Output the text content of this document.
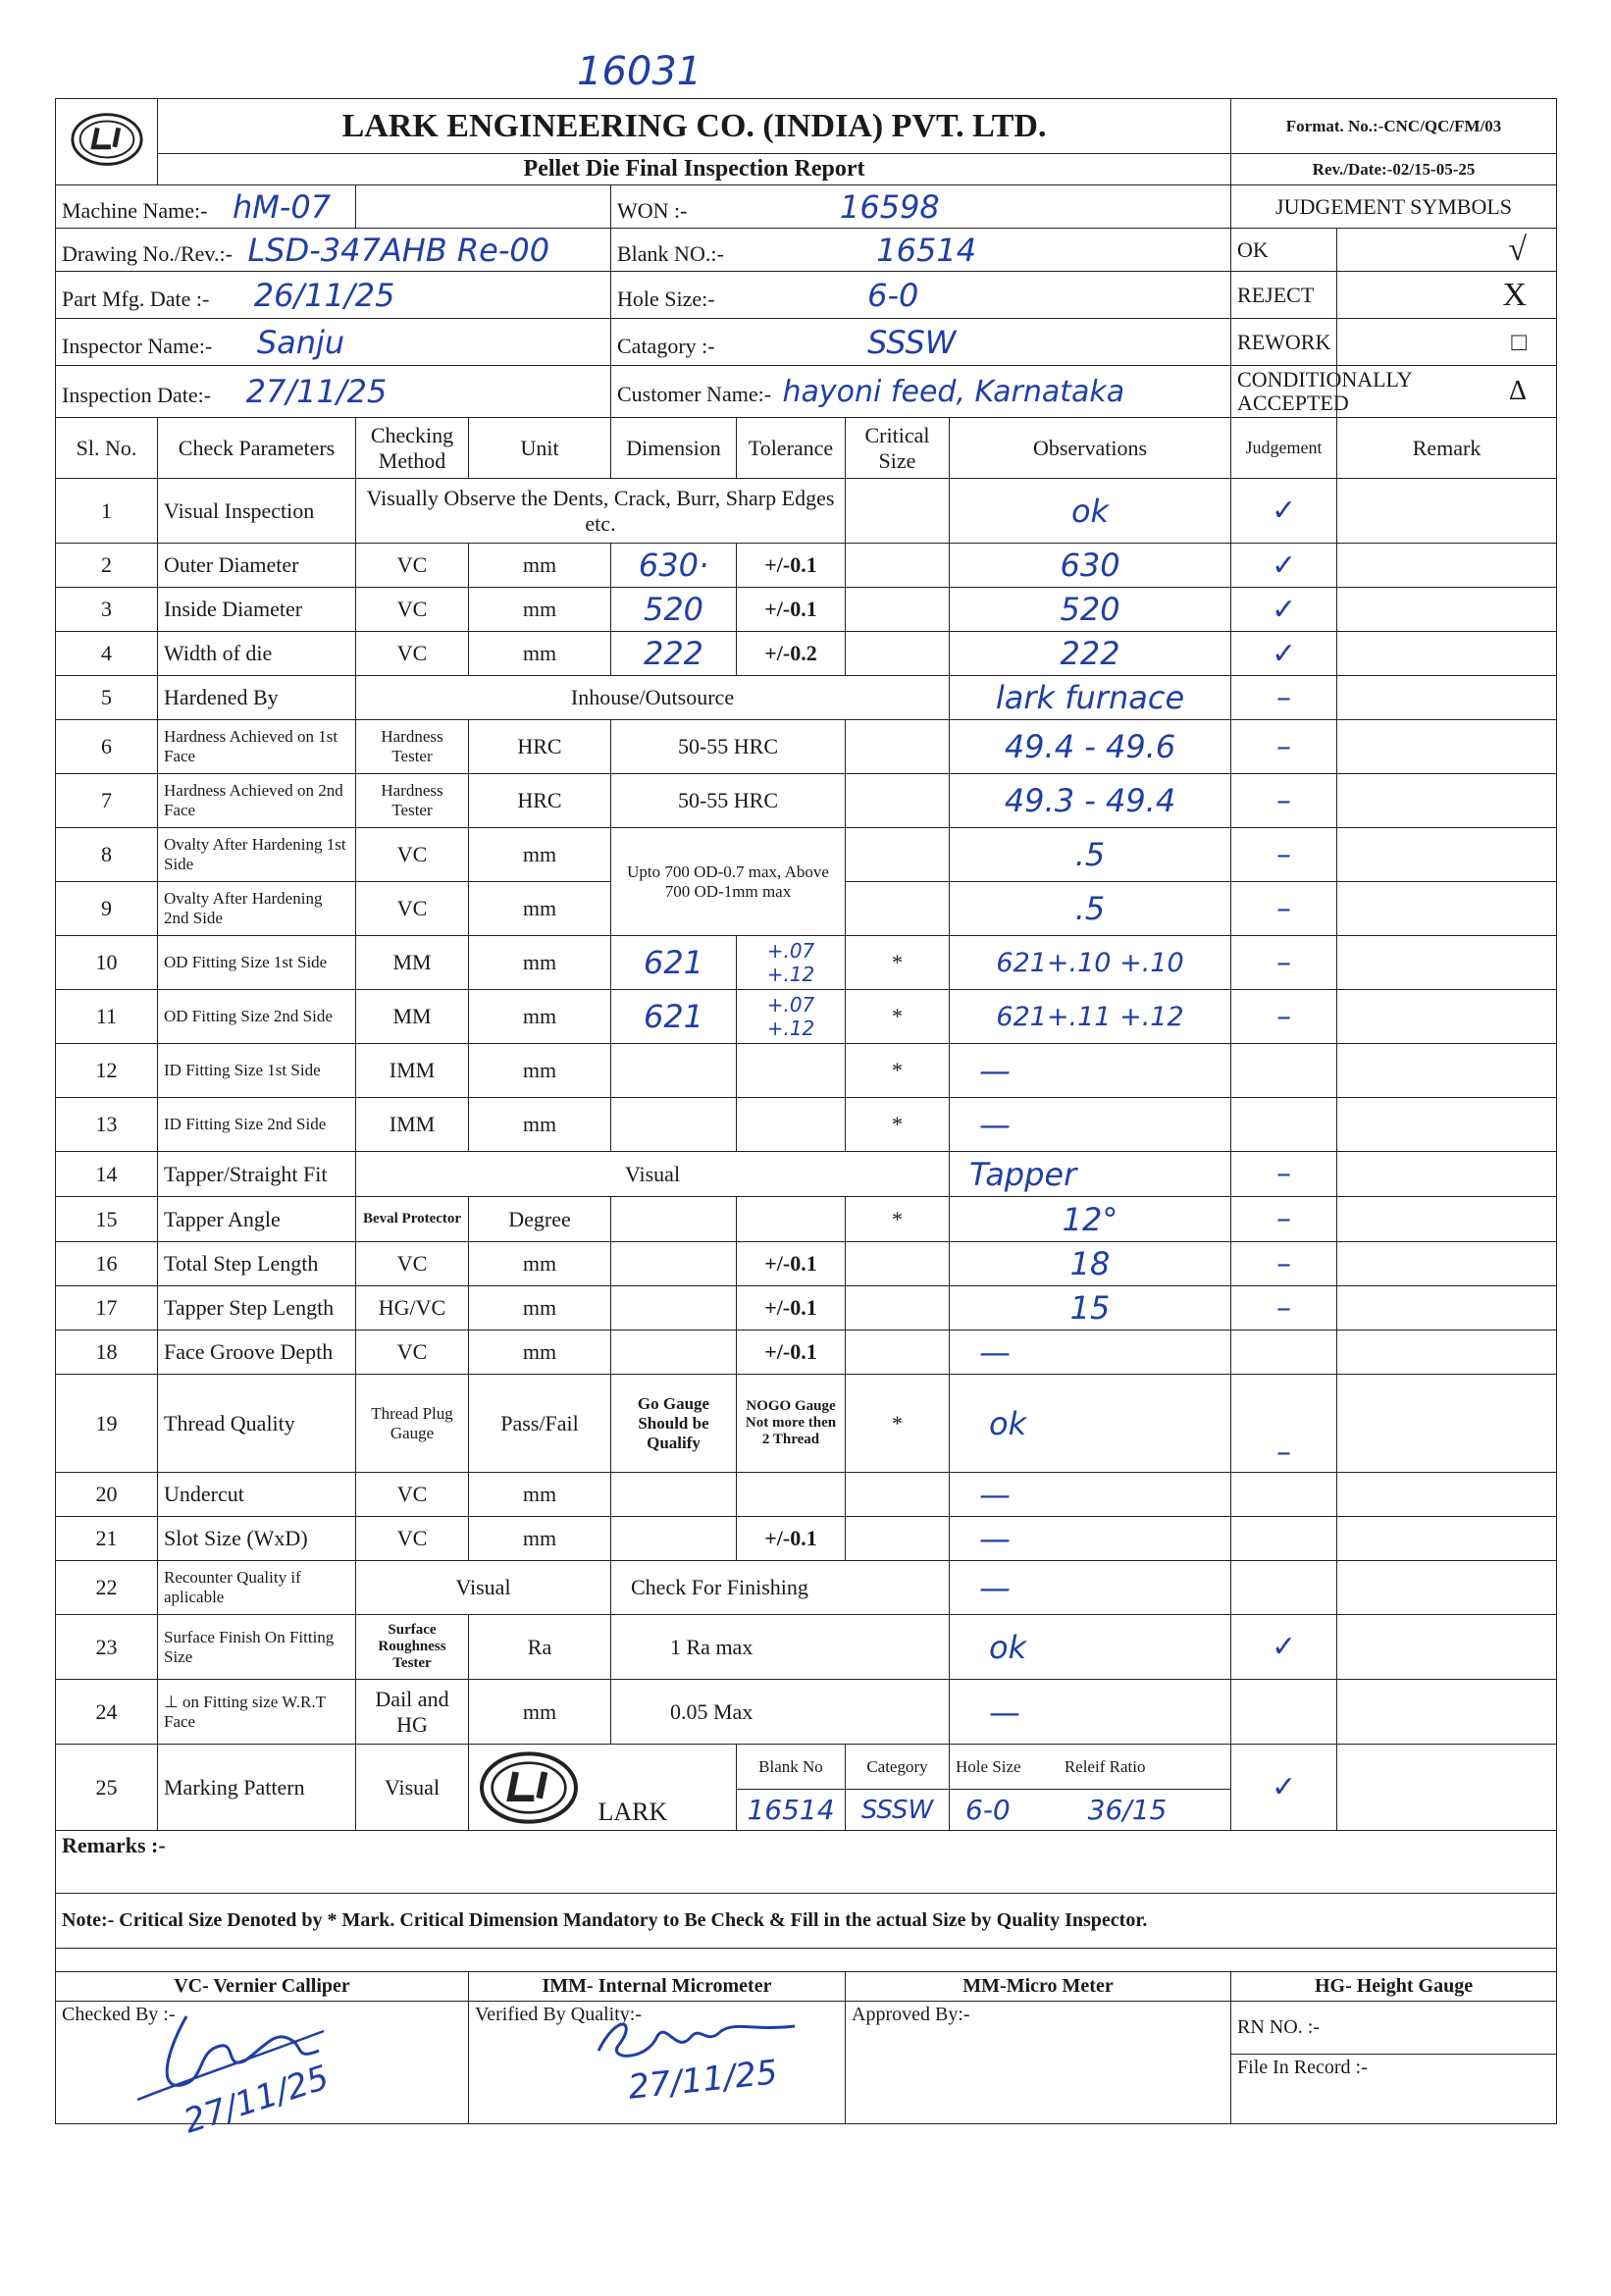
16031
	LARK ENGINEERING CO. (INDIA) PVT. LTD.							Format. No.:-CNC/QC/FM/03	
	Pellet Die Final Inspection Report							Rev./Date:-02/15-05-25	
Machine Name:- hM-07				WON :- 16598				JUDGEMENT SYMBOLS	
Drawing No./Rev.:- LSD-347AHB Re-00				Blank NO.:- 16514				OK	√
Part Mfg. Date :- 26/11/25				Hole Size:- 6-0				REJECT	X
Inspector Name:- Sanju				Catagory :- SSSW				REWORK	□
Inspection Date:- 27/11/25				Customer Name:- hayoni feed, Karnataka				CONDITIONALLY ACCEPTED	Δ
Sl. No.	Check Parameters	Checking Method	Unit	Dimension	Tolerance	Critical Size	Observations	Judgement	Remark
1	Visual Inspection	Visually Observe the Dents, Crack, Burr, Sharp Edges etc.					ok	✓	
2	Outer Diameter	VC	mm	630·	+/-0.1		630	✓	
3	Inside Diameter	VC	mm	520	+/-0.1		520	✓	
4	Width of die	VC	mm	222	+/-0.2		222	✓	
5	Hardened By	Inhouse/Outsource					lark furnace	–	
6	Hardness Achieved on 1st Face	Hardness Tester	HRC	50-55 HRC			49.4 - 49.6	–	
7	Hardness Achieved on 2nd Face	Hardness Tester	HRC	50-55 HRC			49.3 - 49.4	–	
8	Ovalty After Hardening 1st Side	VC	mm	Upto 700 OD-0.7 max, Above 700 OD-1mm max			.5	–	
9	Ovalty After Hardening 2nd Side	VC	mm				.5	–	
10	OD Fitting Size 1st Side	MM	mm	621	+.07 +.12	*	621+.10 +.10	–	
11	OD Fitting Size 2nd Side	MM	mm	621	+.07 +.12	*	621+.11 +.12	–	
12	ID Fitting Size 1st Side	IMM	mm			*	—		
13	ID Fitting Size 2nd Side	IMM	mm			*	—		
14	Tapper/Straight Fit	Visual					Tapper	–	
15	Tapper Angle	Beval Protector	Degree			*	12°	–	
16	Total Step Length	VC	mm		+/-0.1		18	–	
17	Tapper Step Length	HG/VC	mm		+/-0.1		15	–	
18	Face Groove Depth	VC	mm		+/-0.1		—		
19	Thread Quality	Thread Plug Gauge	Pass/Fail	Go Gauge Should be Qualify	NOGO Gauge Not more then 2 Thread	*	ok	–	
20	Undercut	VC	mm				—		
21	Slot Size (WxD)	VC	mm		+/-0.1		—		
22	Recounter Quality if aplicable	Visual		Check For Finishing			—		
23	Surface Finish On Fitting Size	Surface Roughness Tester	Ra	1 Ra max			ok	✓	
24	⊥ on Fitting size W.R.T Face	Dail and HG	mm	0.05 Max			—		
25	Marking Pattern	Visual	LARK		Blank No	Category	Hole Size Releif Ratio	✓	
					16514	SSSW	6-0 36/15		
Remarks :-									
Note:- Critical Size Denoted by * Mark. Critical Dimension Mandatory to Be Check & Fill in the actual Size by Quality Inspector.									

VC- Vernier Calliper			IMM- Internal Micrometer			MM-Micro Meter		HG- Height Gauge	
Checked By :-			Verified By Quality:-			Approved By:-		RN NO. :-	
								File In Record :-	
27/11/25	27/11/25
